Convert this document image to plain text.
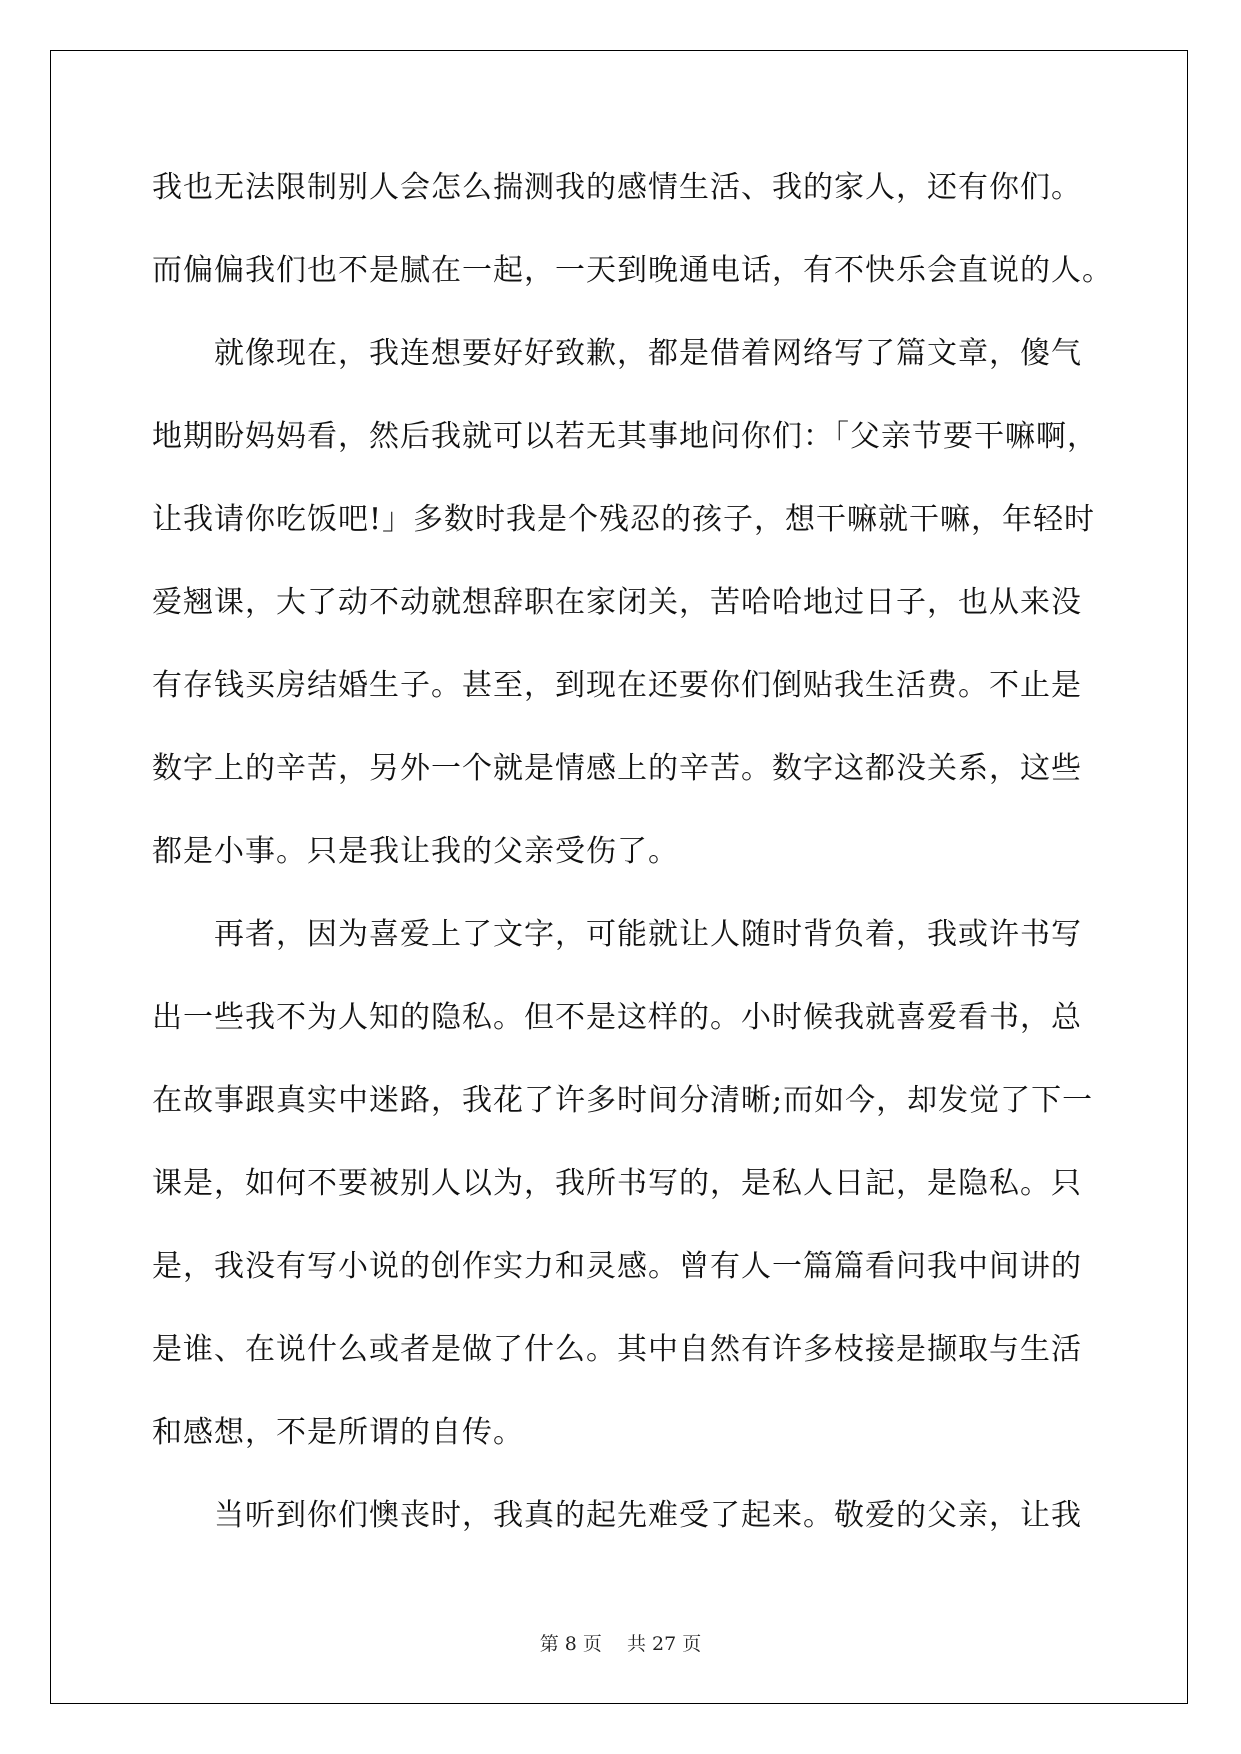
我也无法限制别人会怎么揣测我的感情生活、我的家人，还有你们。
而偏偏我们也不是腻在一起，一天到晚通电话，有不快乐会直说的人。
　　就像现在，我连想要好好致歉，都是借着网络写了篇文章，傻气
地期盼妈妈看，然后我就可以若无其事地问你们：「父亲节要干嘛啊，
让我请你吃饭吧!」多数时我是个残忍的孩子，想干嘛就干嘛，年轻时
爱翘课，大了动不动就想辞职在家闭关，苦哈哈地过日子，也从来没
有存钱买房结婚生子。甚至，到现在还要你们倒贴我生活费。不止是
数字上的辛苦，另外一个就是情感上的辛苦。数字这都没关系，这些
都是小事。只是我让我的父亲受伤了。
　　再者，因为喜爱上了文字，可能就让人随时背负着，我或许书写
出一些我不为人知的隐私。但不是这样的。小时候我就喜爱看书，总
在故事跟真实中迷路，我花了许多时间分清晰;而如今，却发觉了下一
课是，如何不要被别人以为，我所书写的，是私人日記，是隐私。只
是，我没有写小说的创作实力和灵感。曾有人一篇篇看问我中间讲的
是谁、在说什么或者是做了什么。其中自然有许多枝接是撷取与生活
和感想，不是所谓的自传。
　　当听到你们懊丧时，我真的起先难受了起来。敬爱的父亲，让我
第 8 页　 共 27 页
